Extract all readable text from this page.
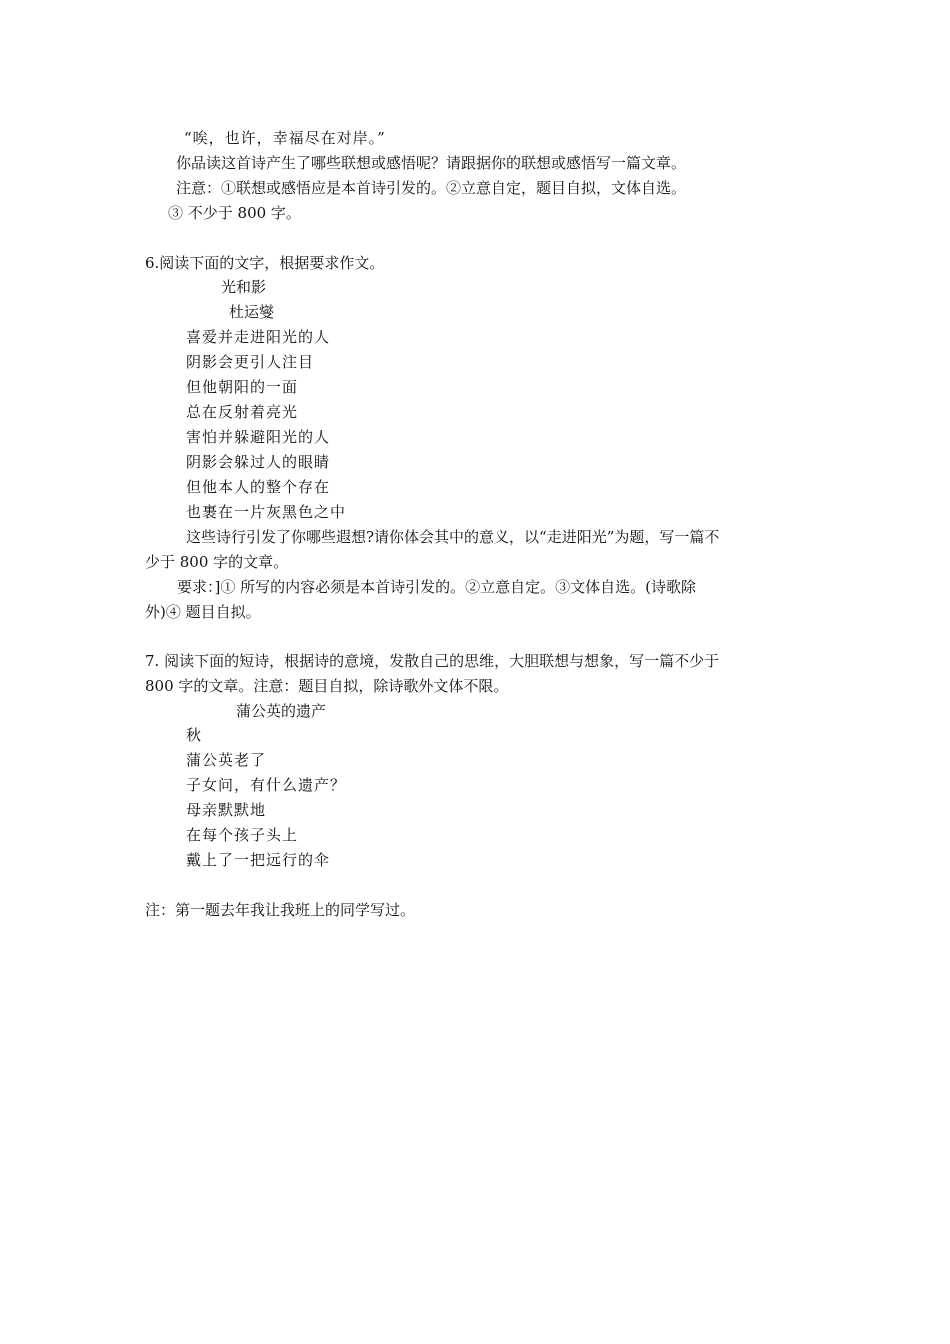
“唉，也许，幸福尽在对岸。”
你品读这首诗产生了哪些联想或感悟呢？请跟据你的联想或感悟写一篇文章。
注意：①联想或感悟应是本首诗引发的。②立意自定，题目自拟，文体自选。
③ 不少于 800 字。
6.阅读下面的文字，根据要求作文。
光和影
杜运燮
喜爱并走进阳光的人
阴影会更引人注目
但他朝阳的一面
总在反射着亮光
害怕并躲避阳光的人
阴影会躲过人的眼睛
但他本人的整个存在
也裹在一片灰黑色之中
这些诗行引发了你哪些遐想?请你体会其中的意义，以“走进阳光”为题，写一篇不
少于 800 字的文章。
要求：]① 所写的内容必须是本首诗引发的。②立意自定。③文体自选。(诗歌除
外)④ 题目自拟。
7. 阅读下面的短诗，根据诗的意境，发散自己的思维，大胆联想与想象，写一篇不少于
800 字的文章。注意：题目自拟，除诗歌外文体不限。
蒲公英的遗产
秋
蒲公英老了
子女问，有什么遗产？
母亲默默地
在每个孩子头上
戴上了一把远行的伞
注：第一题去年我让我班上的同学写过。
